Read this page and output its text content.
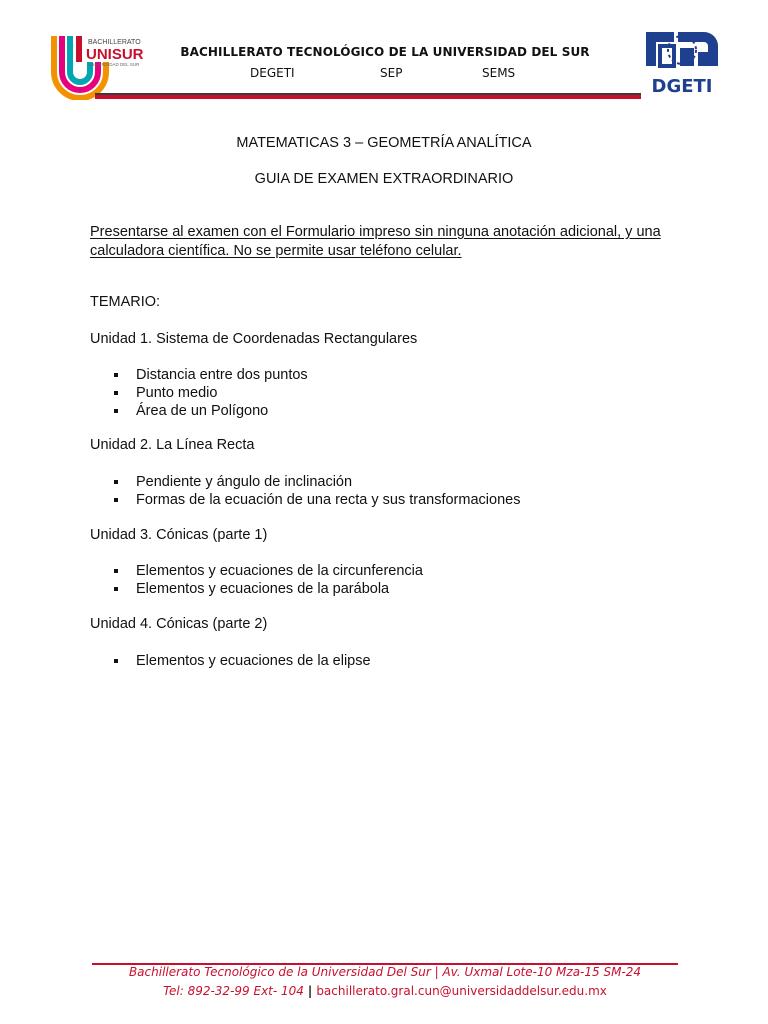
BACHILLERATO
UNISUR
UNIVERSIDAD DEL SUR
BACHILLERATO TECNOLÓGICO DE LA UNIVERSIDAD DEL SUR
DEGETI	SEP	SEMS
DGETI
MATEMATICAS 3 – GEOMETRÍA ANALÍTICA
GUIA DE EXAMEN EXTRAORDINARIO
Presentarse al examen con el Formulario impreso sin ninguna anotación adicional, y una
calculadora científica. No se permite usar teléfono celular.
TEMARIO:
Unidad 1. Sistema de Coordenadas Rectangulares
Distancia entre dos puntos
Punto medio
Área de un Polígono
Unidad 2. La Línea Recta
Pendiente y ángulo de inclinación
Formas de la ecuación de una recta y sus transformaciones
Unidad 3. Cónicas (parte 1)
Elementos y ecuaciones de la circunferencia
Elementos y ecuaciones de la parábola
Unidad 4. Cónicas (parte 2)
Elementos y ecuaciones de la elipse
Bachillerato Tecnológico de la Universidad Del Sur | Av. Uxmal Lote-10 Mza-15 SM-24
Tel: 892-32-99 Ext- 104 | bachillerato.gral.cun@universidaddelsur.edu.mx
